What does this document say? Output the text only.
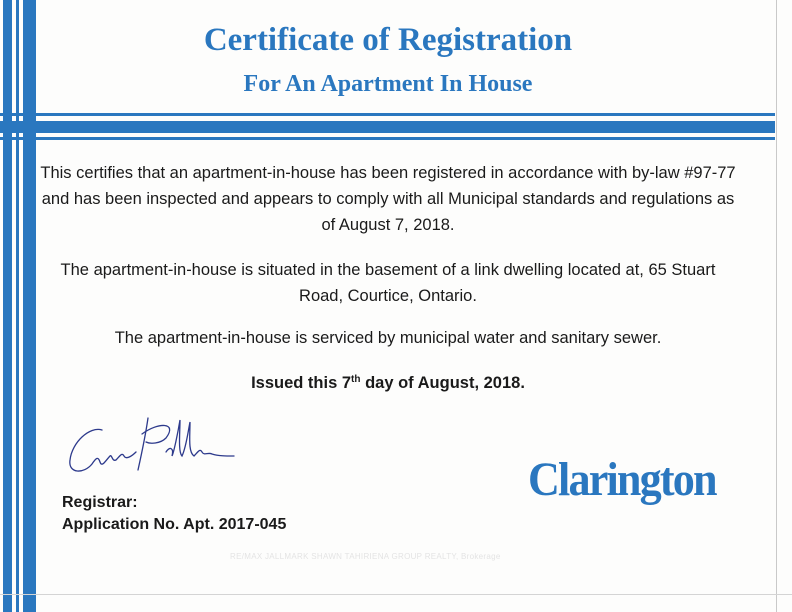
Certificate of Registration
For An Apartment In House

This certifies that an apartment-in-house has been registered in accordance with by-law #97-77 and has been inspected and appears to comply with all Municipal standards and regulations as of August 7, 2018.

The apartment-in-house is situated in the basement of a link dwelling located at, 65 Stuart Road, Courtice, Ontario.

The apartment-in-house is serviced by municipal water and sanitary sewer.

Issued this 7th day of August, 2018.

Registrar:

Application No. Apt. 2017-045

Clarington

RE/MAX JALLMARK SHAWN TAHIRIENA GROUP REALTY, Brokerage
